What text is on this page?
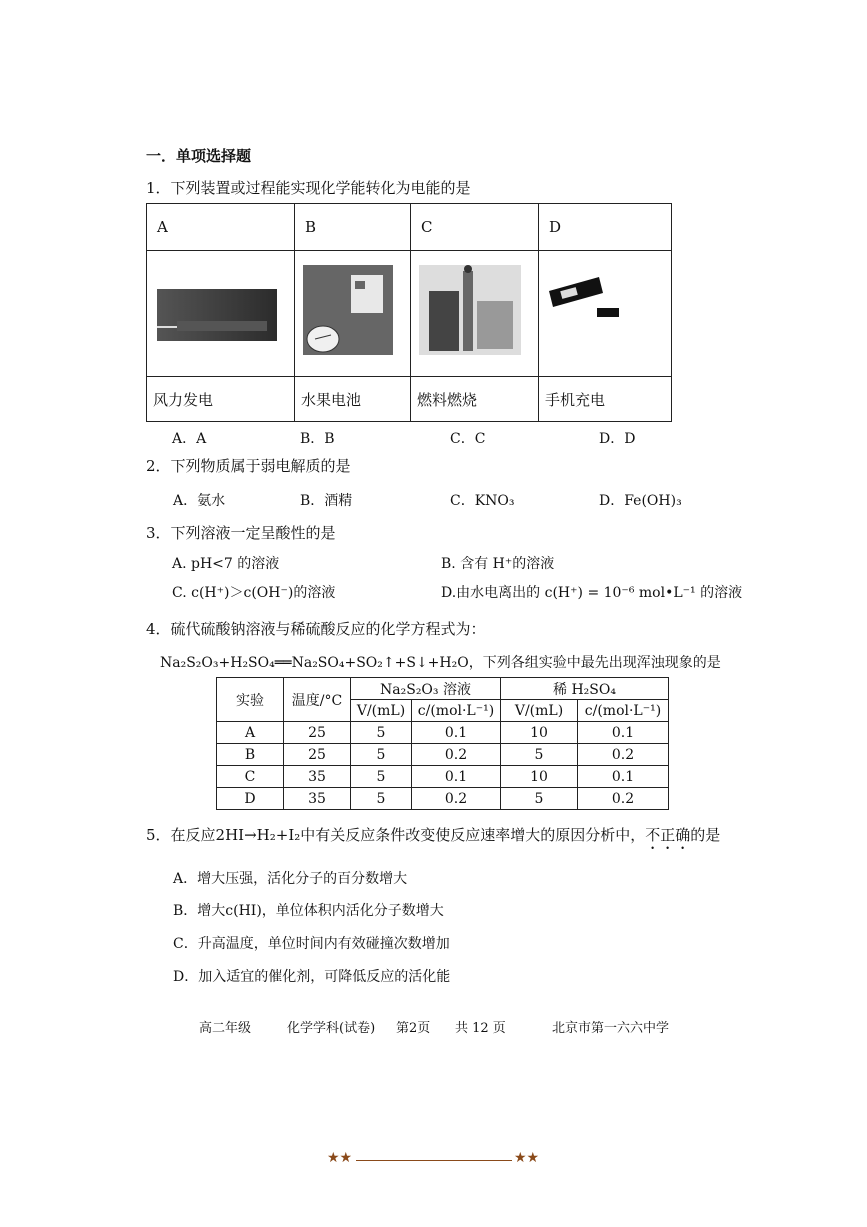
一．单项选择题
1．下列装置或过程能实现化学能转化为电能的是
A	B	C	D

风力发电	水果电池	燃料燃烧	手机充电
A．A	B．B	C．C	D．D
2．下列物质属于弱电解质的是
A．氨水	B．酒精	C．KNO₃	D．Fe(OH)₃
3．下列溶液一定呈酸性的是
A. pH<7 的溶液	B. 含有 H⁺的溶液
C. c(H⁺)＞c(OH⁻)的溶液	D.由水电离出的 c(H⁺) = 10⁻⁶ mol•L⁻¹ 的溶液
4．硫代硫酸钠溶液与稀硫酸反应的化学方程式为：
Na₂S₂O₃+H₂SO₄══Na₂SO₄+SO₂↑+S↓+H₂O，下列各组实验中最先出现浑浊现象的是
实验	温度/°C	Na₂S₂O₃ 溶液		稀 H₂SO₄	
		V/(mL)	c/(mol·L⁻¹)	V/(mL)	c/(mol·L⁻¹)
A	25	5	0.1	10	0.1
B	25	5	0.2	5	0.2
C	35	5	0.1	10	0.1
D	35	5	0.2	5	0.2
5．在反应2HI→H₂+I₂中有关反应条件改变使反应速率增大的原因分析中，不正确的是
A．增大压强，活化分子的百分数增大
B．增大c(HI)，单位体积内活化分子数增大
C．升高温度，单位时间内有效碰撞次数增加
D．加入适宜的催化剂，可降低反应的活化能
高二年级	化学学科(试卷) 第2页 共 12 页	北京市第一六六中学
★★	★★
